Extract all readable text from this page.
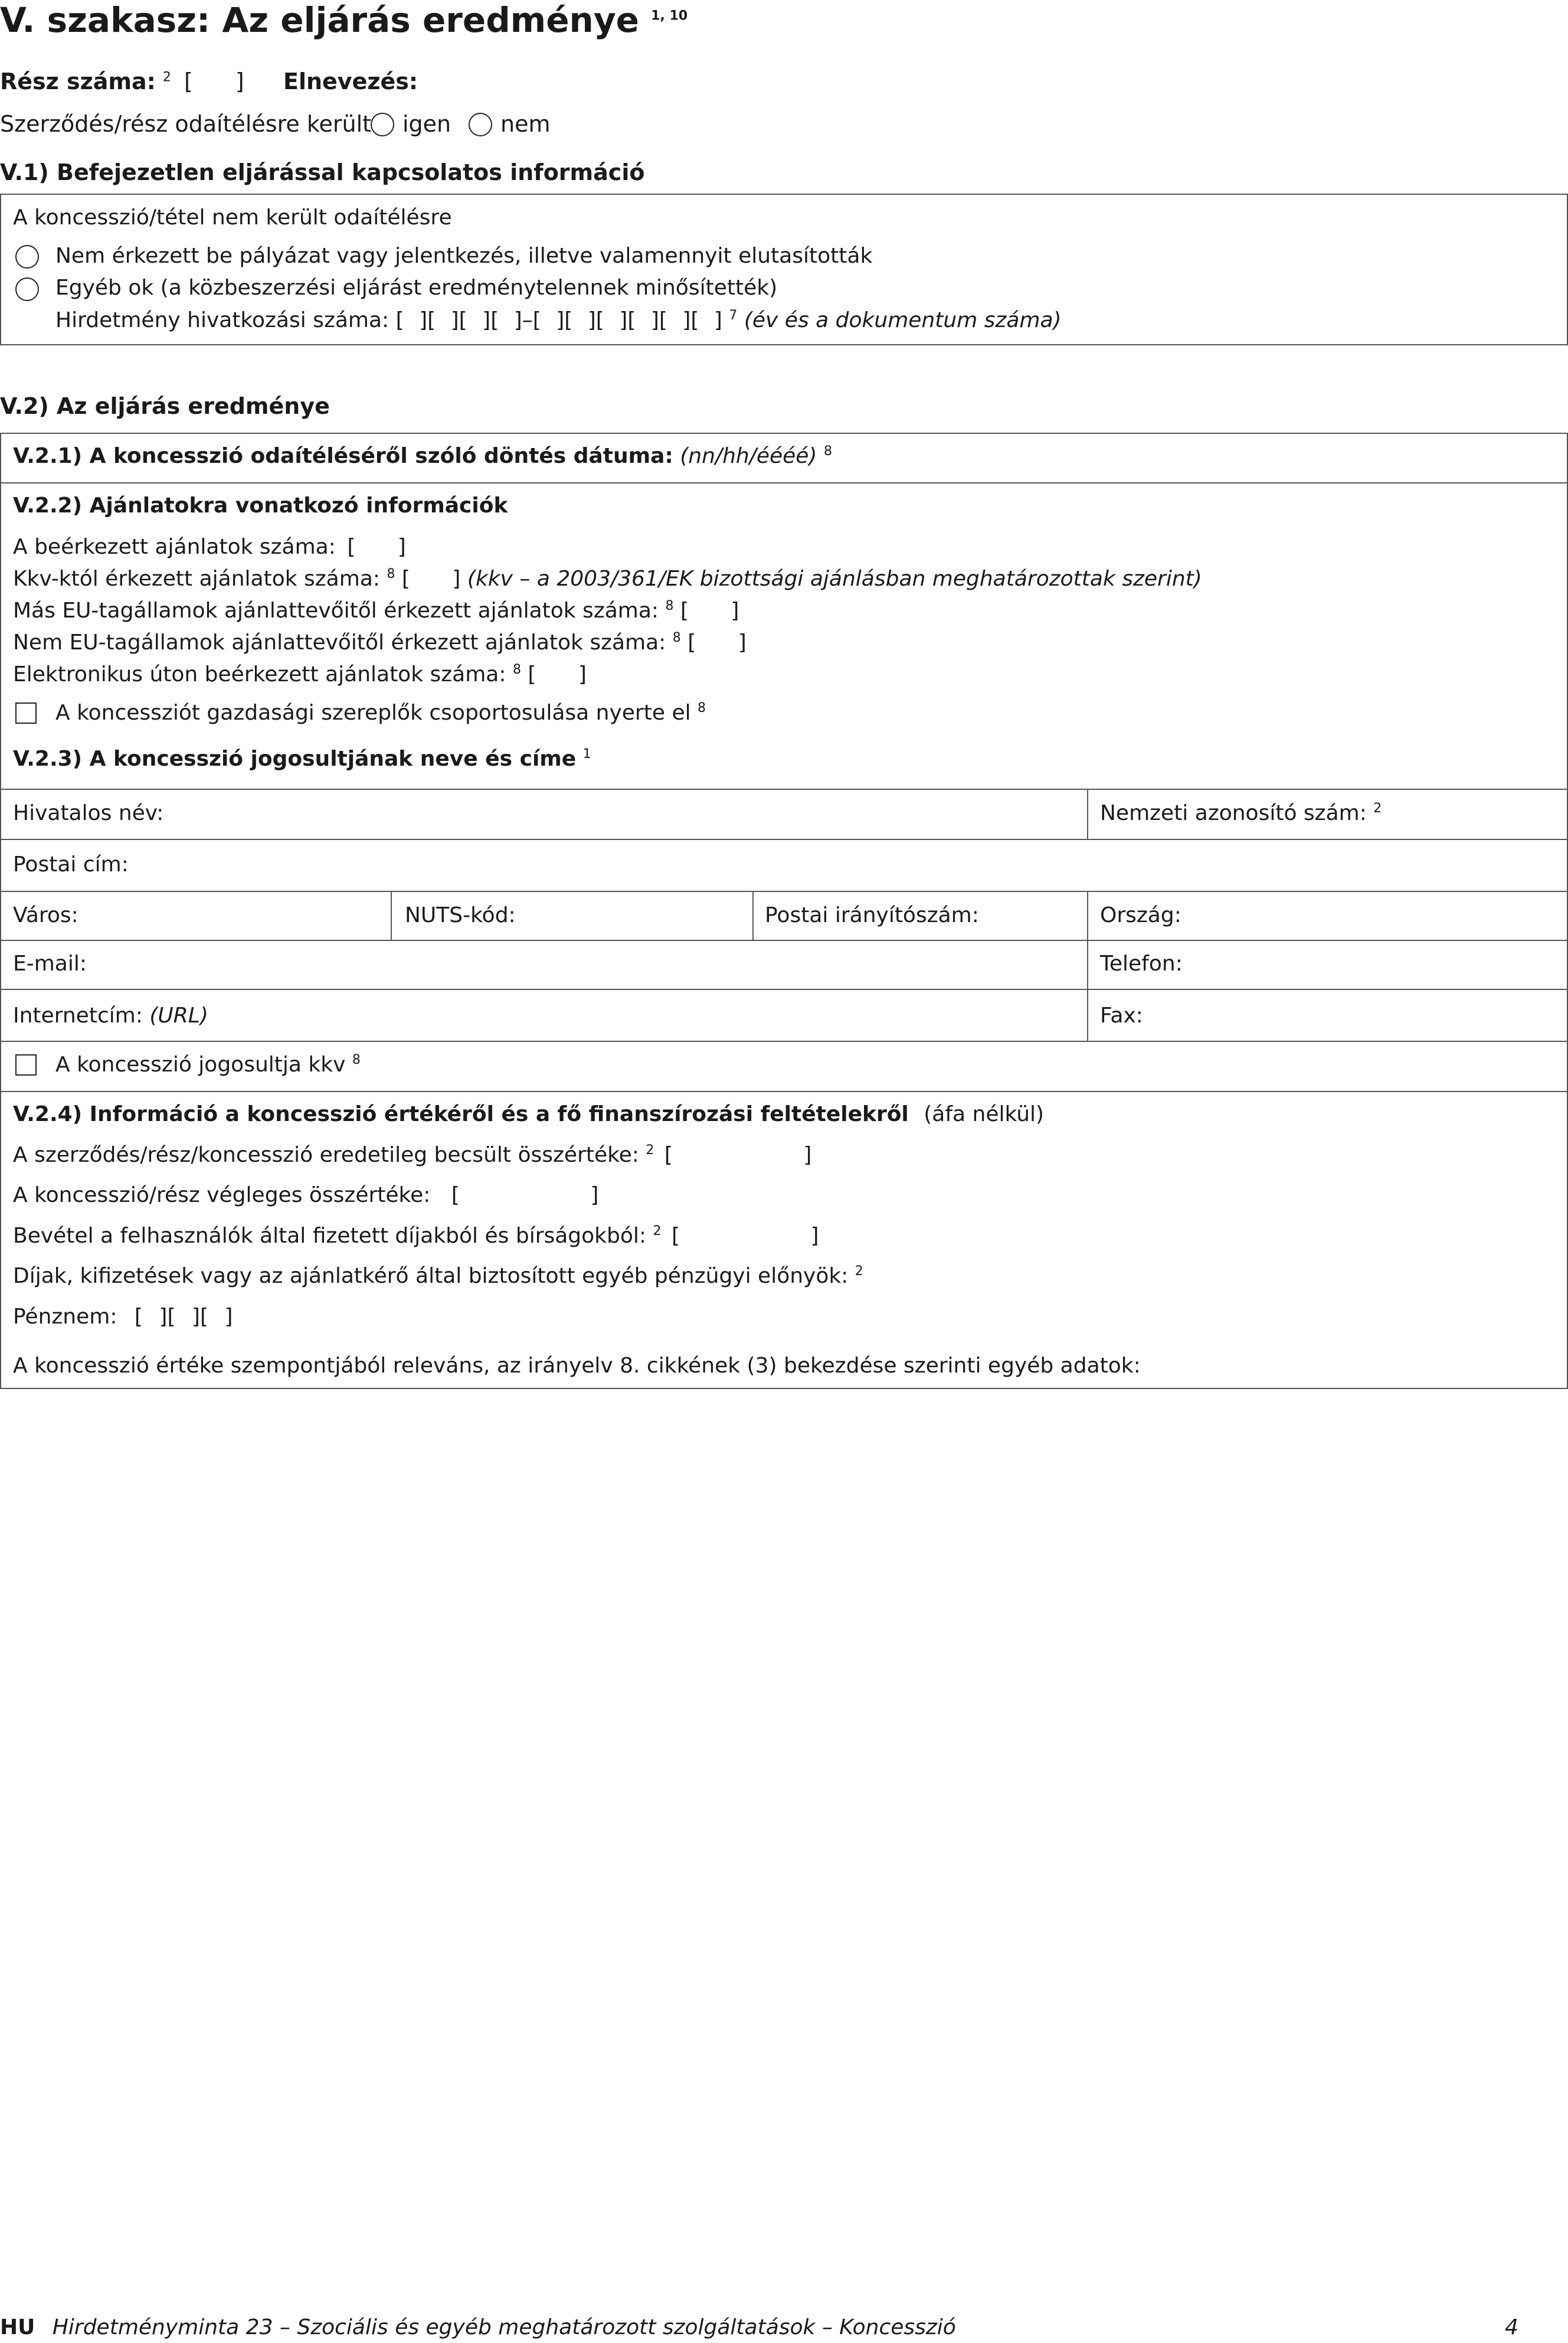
V. szakasz: Az eljárás eredménye $^{1, 10}$
Rész száma: $^2$ [ ] Elnevezés:
Szerződés/rész odaítélésre került igen nem
V.1) Befejezetlen eljárással kapcsolatos információ
A koncesszió/tétel nem került odaítélésre
Nem érkezett be pályázat vagy jelentkezés, illetve valamennyit elutasították
Egyéb ok (a közbeszerzési eljárást eredménytelennek minősítették)
Hirdetmény hivatkozási száma: [ ][ ][ ][ ]–[ ][ ][ ][ ][ ][ ] $^7$ (év és a dokumentum száma)
V.2) Az eljárás eredménye
V.2.1) A koncesszió odaítéléséről szóló döntés dátuma: (nn/hh/éééé) $^8$
V.2.2) Ajánlatokra vonatkozó információk
A beérkezett ajánlatok száma: [ ]
Kkv-któl érkezett ajánlatok száma: $^8$ [ ] (kkv – a 2003/361/EK bizottsági ajánlásban meghatározottak szerint)
Más EU-tagállamok ajánlattevőitől érkezett ajánlatok száma: $^8$ [ ]
Nem EU-tagállamok ajánlattevőitől érkezett ajánlatok száma: $^8$ [ ]
Elektronikus úton beérkezett ajánlatok száma: $^8$ [ ]
A koncessziót gazdasági szereplők csoportosulása nyerte el $^8$
V.2.3) A koncesszió jogosultjának neve és címe $^1$
Hivatalos név:	Nemzeti azonosító szám: $^2$
Postai cím:
Város:	NUTS-kód:	Postai irányítószám:	Ország:
E-mail:	Telefon:
Internetcím: (URL)	Fax:
A koncesszió jogosultja kkv $^8$
V.2.4) Információ a koncesszió értékéről és a fő finanszírozási feltételekről (áfa nélkül)
A szerződés/rész/koncesszió eredetileg becsült összértéke: $^2$ [ ]
A koncesszió/rész végleges összértéke: [ ]
Bevétel a felhasználók által fizetett díjakból és bírságokból: $^2$ [ ]
Díjak, kifizetések vagy az ajánlatkérő által biztosított egyéb pénzügyi előnyök: $^2$
Pénznem: [ ][ ][ ]
A koncesszió értéke szempontjából releváns, az irányelv 8. cikkének (3) bekezdése szerinti egyéb adatok:
HU Hirdetményminta 23 – Szociális és egyéb meghatározott szolgáltatások – Koncesszió	4
